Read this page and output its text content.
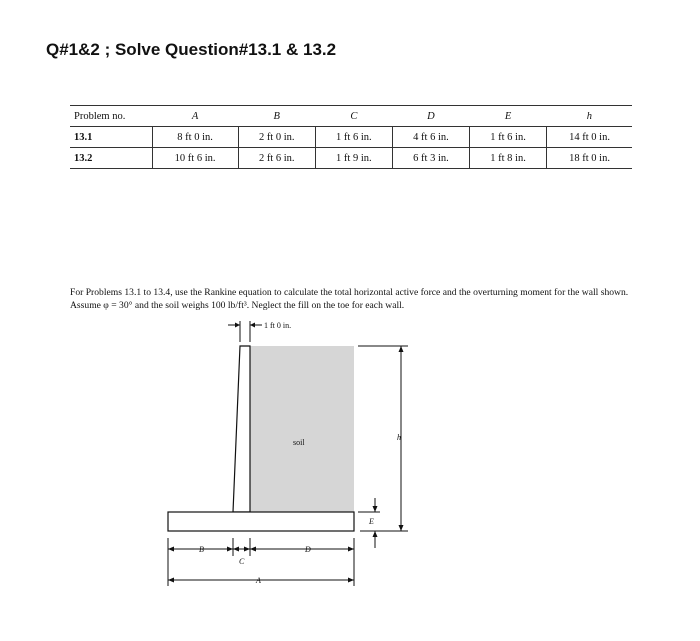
Q#1&2 ; Solve Question#13.1 & 13.2
Problem no.	A	B	C	D	E	h
13.1	8 ft 0 in.	2 ft 0 in.	1 ft 6 in.	4 ft 6 in.	1 ft 6 in.	14 ft 0 in.
13.2	10 ft 6 in.	2 ft 6 in.	1 ft 9 in.	6 ft 3 in.	1 ft 8 in.	18 ft 0 in.

For Problems 13.1 to 13.4, use the Rankine equation to calculate the total horizontal active force and the overturning moment for the wall shown. Assume φ = 30° and the soil weighs 100 lb/ft³. Neglect the fill on the toe for each wall.

1 ft 0 in.
soil
h
E
B
C
D
A
